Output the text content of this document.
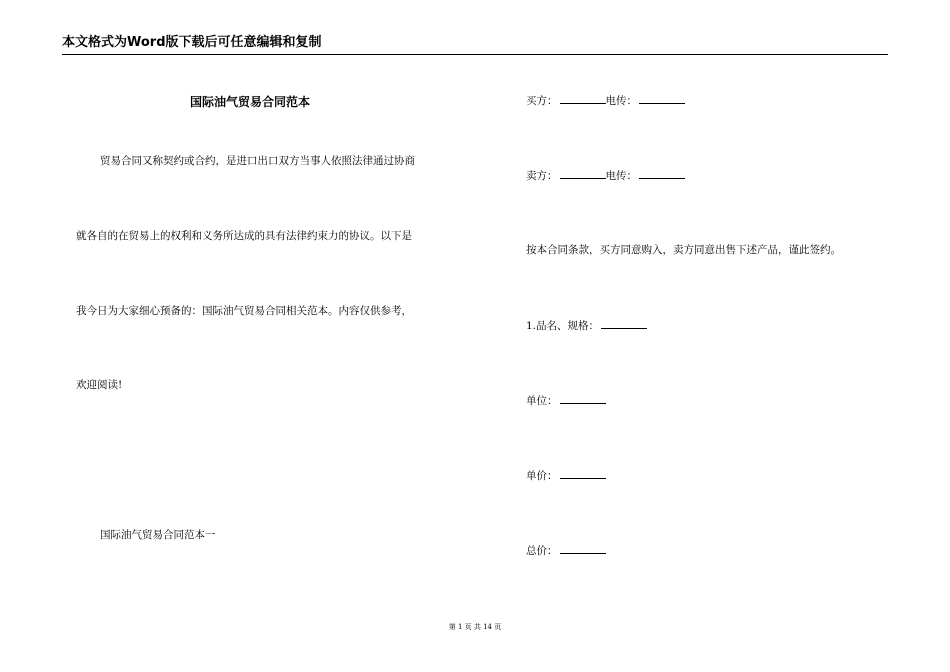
本文格式为Word版下载后可任意编辑和复制
国际油气贸易合同范本
贸易合同又称契约或合约，是进口出口双方当事人依照法律通过协商
就各自的在贸易上的权利和义务所达成的具有法律约束力的协议。以下是
我今日为大家细心预备的：国际油气贸易合同相关范本。内容仅供参考，
欢迎阅读!
国际油气贸易合同范本一
买方：	电传：
卖方：	电传：
按本合同条款，买方同意购入，卖方同意出售下述产品，谨此签约。
1.品名、规格：
单位：
单价：
总价：
第 1 页 共 14 页
